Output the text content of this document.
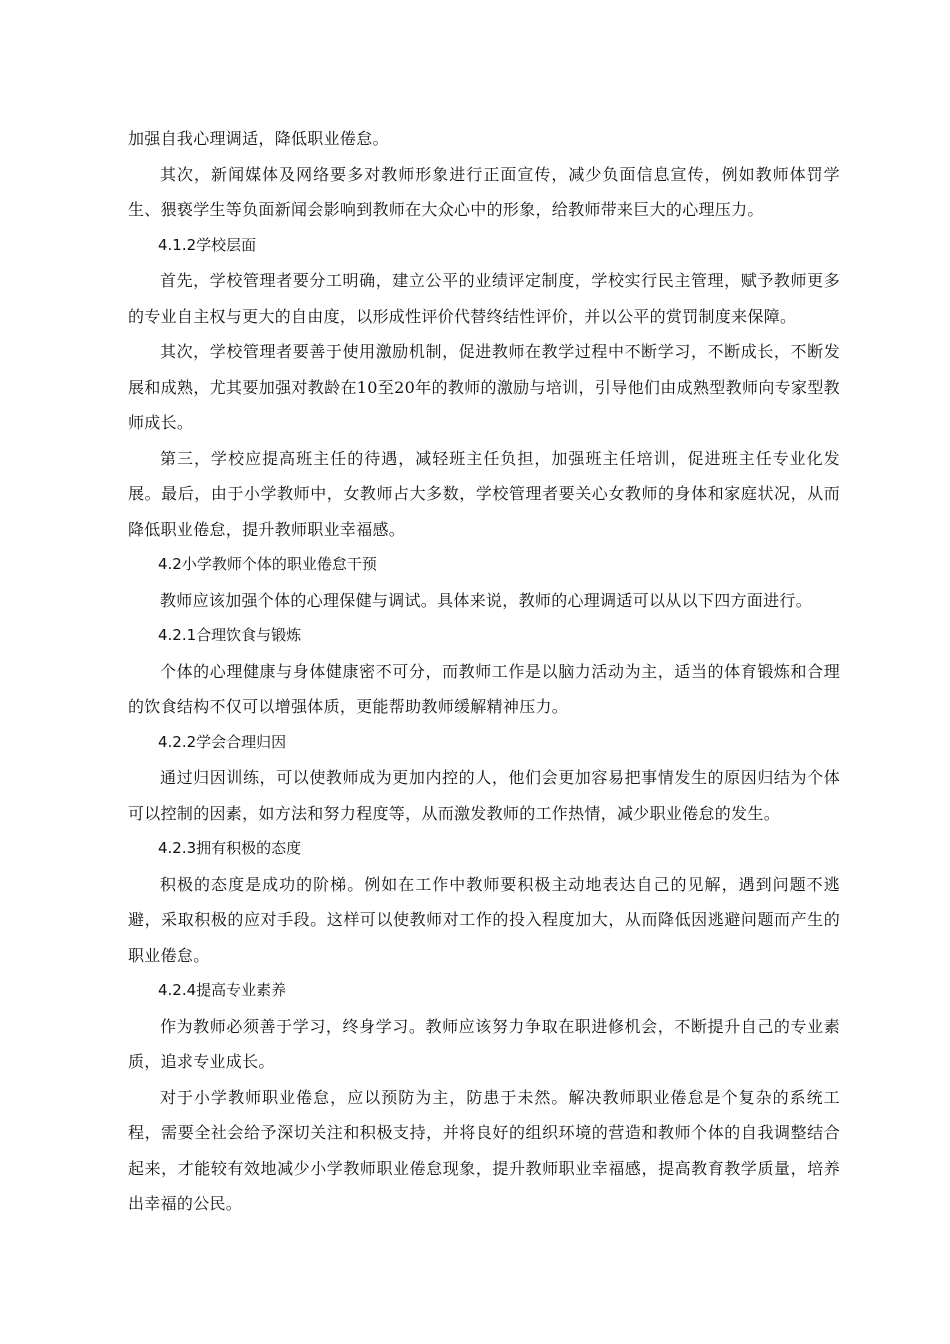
加强自我心理调适，降低职业倦怠。

其次，新闻媒体及网络要多对教师形象进行正面宣传，减少负面信息宣传，例如教师体罚学生、猥亵学生等负面新闻会影响到教师在大众心中的形象，给教师带来巨大的心理压力。

4.1.2学校层面

首先，学校管理者要分工明确，建立公平的业绩评定制度，学校实行民主管理，赋予教师更多的专业自主权与更大的自由度，以形成性评价代替终结性评价，并以公平的赏罚制度来保障。

其次，学校管理者要善于使用激励机制，促进教师在教学过程中不断学习，不断成长，不断发展和成熟，尤其要加强对教龄在10至20年的教师的激励与培训，引导他们由成熟型教师向专家型教师成长。

第三，学校应提高班主任的待遇，减轻班主任负担，加强班主任培训，促进班主任专业化发展。最后，由于小学教师中，女教师占大多数，学校管理者要关心女教师的身体和家庭状况，从而降低职业倦怠，提升教师职业幸福感。

4.2小学教师个体的职业倦怠干预

教师应该加强个体的心理保健与调试。具体来说，教师的心理调适可以从以下四方面进行。

4.2.1合理饮食与锻炼

个体的心理健康与身体健康密不可分，而教师工作是以脑力活动为主，适当的体育锻炼和合理的饮食结构不仅可以增强体质，更能帮助教师缓解精神压力。

4.2.2学会合理归因

通过归因训练，可以使教师成为更加内控的人，他们会更加容易把事情发生的原因归结为个体可以控制的因素，如方法和努力程度等，从而激发教师的工作热情，减少职业倦怠的发生。

4.2.3拥有积极的态度

积极的态度是成功的阶梯。例如在工作中教师要积极主动地表达自己的见解，遇到问题不逃避，采取积极的应对手段。这样可以使教师对工作的投入程度加大，从而降低因逃避问题而产生的职业倦怠。

4.2.4提高专业素养

作为教师必须善于学习，终身学习。教师应该努力争取在职进修机会，不断提升自己的专业素质，追求专业成长。

对于小学教师职业倦怠，应以预防为主，防患于未然。解决教师职业倦怠是个复杂的系统工程，需要全社会给予深切关注和积极支持，并将良好的组织环境的营造和教师个体的自我调整结合起来，才能较有效地减少小学教师职业倦怠现象，提升教师职业幸福感，提高教育教学质量，培养出幸福的公民。
